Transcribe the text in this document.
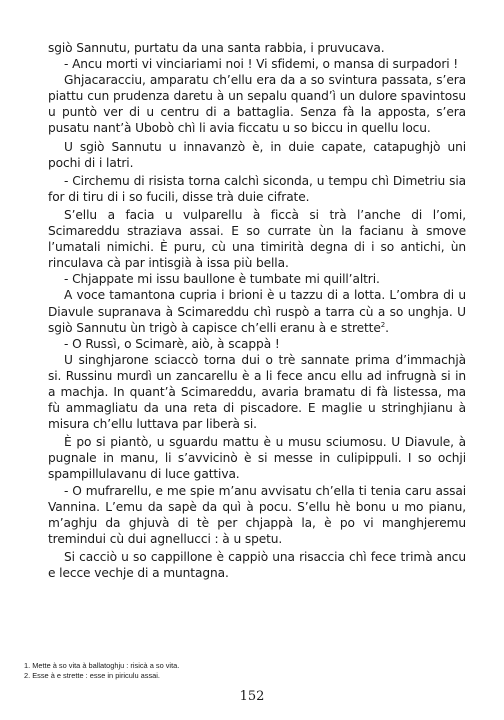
sgiò Sannutu, purtatu da una santa rabbia, i pruvucava.

- Ancu morti vi vinciariami noi ! Vi sfidemi, o mansa di surpadori !

Ghjacaracciu, amparatu ch’ellu era da a so svintura passata, s’era piattu cun prudenza daretu à un sepalu quand’ì un dulore spavintosu u puntò ver di u centru di a battaglia. Senza fà la apposta, s’era pusatu nant’à Ubobò chì li avia ficcatu u so biccu in quellu locu.

U sgiò Sannutu u innavanzò è, in duie capate, catapughjò uni pochi di i latri.

- Circhemu di risista torna calchì siconda, u tempu chì Dimetriu sia for di tiru di i so fucili, disse trà duie cifrate.

S’ellu a facia u vulparellu à ficcà si trà l’anche di l’omi, Scimareddu straziava assai. E so currate ùn la facianu à smove l’umatali nimichi. È puru, cù una timirità degna di i so antichi, ùn rinculava cà par intisgià à issa più bella.

- Chjappate mi issu baullone è tumbate mi quill’altri.

A voce tamantona cupria i brioni è u tazzu di a lotta. L’ombra di u Diavule supranava à Scimareddu chì ruspò a tarra cù a so unghja. U sgiò Sannutu ùn trigò à capisce ch’elli eranu à e strette$^2$.

- O Russì, o Scimarè, aiò, à scappà !

U singhjarone sciaccò torna dui o trè sannate prima d’immachjà si. Russinu murdì un zancarellu è a li fece ancu ellu ad infrugnà si in a machja. In quant’à Scimareddu, avaria bramatu di fà listessa, ma fù ammagliatu da una reta di piscadore. E maglie u stringhjianu à misura ch’ellu luttava par liberà si.

È po si piantò, u sguardu mattu è u musu sciumosu. U Diavule, à pugnale in manu, li s’avvicinò è si messe in culipippuli. I so ochji spampillulavanu di luce gattiva.

- O mufrarellu, e me spie m’anu avvisatu ch’ella ti tenia caru assai Vannina. L’emu da sapè da quì à pocu. S’ellu hè bonu u mo pianu, m’aghju da ghjuvà di tè per chjappà la, è po vi manghjeremu tremindui cù dui agnellucci : à u spetu.

Si cacciò u so cappillone è cappiò una risaccia chì fece trimà ancu e lecce vechje di a muntagna.

1. Mette à so vita à ballatoghju : risicà a so vita.

2. Esse à e strette : esse in piriculu assai.

152
